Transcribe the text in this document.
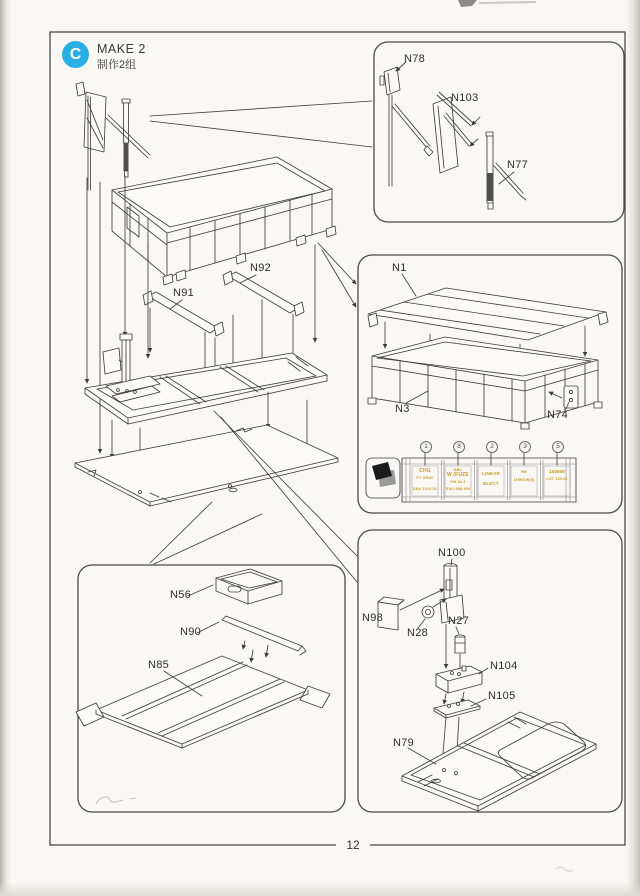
C	MAKE 2
制作2组	N78
N103
N77
N1
N3	N74
N91
N92
N56
N90
N85
N100
N98
N28
N27
N104
N105
N79
1	8	2	3	5
CHG
PT GRAY
DNA 1010-01
DBL
W /FUZE
XW 86-1
EAU-958-990
LINEAR
ELECT
HE
155HOW(S)
155MM
LOT 155-01
12
